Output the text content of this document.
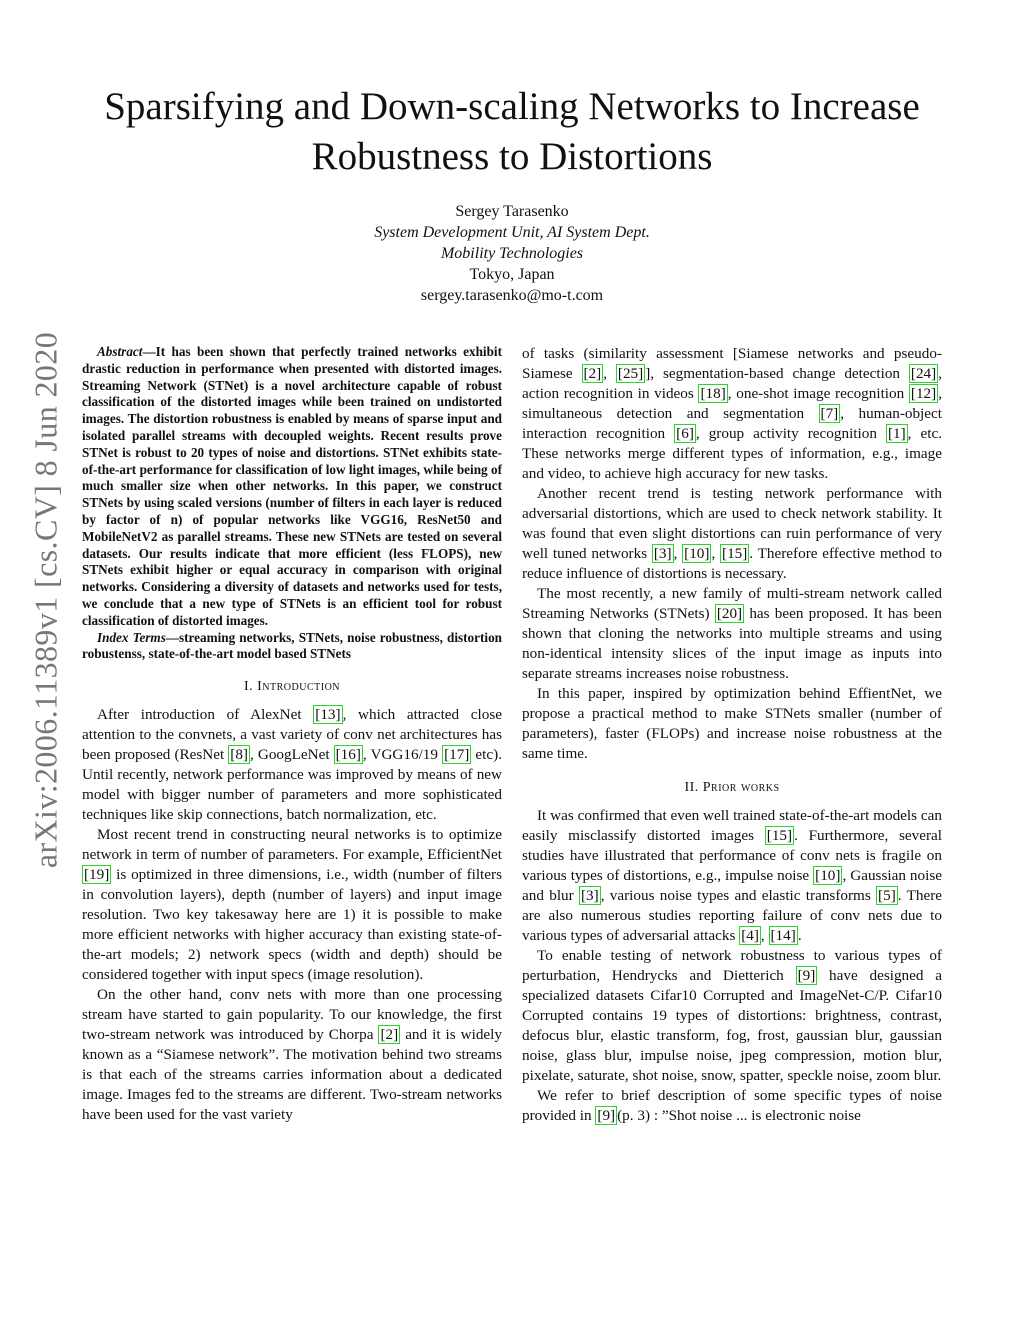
Sparsifying and Down-scaling Networks to Increase
Robustness to Distortions
Sergey Tarasenko
System Development Unit, AI System Dept.
Mobility Technologies
Tokyo, Japan
sergey.tarasenko@mo-t.com
arXiv:2006.11389v1 [cs.CV] 8 Jun 2020	Abstract—It has been shown that perfectly trained networks exhibit drastic reduction in performance when presented with distorted images. Streaming Network (STNet) is a novel architecture capable of robust classification of the distorted images while been trained on undistorted images. The distortion robustness is enabled by means of sparse input and isolated parallel streams with decoupled weights. Recent results prove STNet is robust to 20 types of noise and distortions. STNet exhibits state-of-the-art performance for classification of low light images, while being of much smaller size when other networks. In this paper, we construct STNets by using scaled versions (number of filters in each layer is reduced by factor of n) of popular networks like VGG16, ResNet50 and MobileNetV2 as parallel streams. These new STNets are tested on several datasets. Our results indicate that more efficient (less FLOPS), new STNets exhibit higher or equal accuracy in comparison with original networks. Considering a diversity of datasets and networks used for tests, we conclude that a new type of STNets is an efficient tool for robust classification of distorted images.

Index Terms—streaming networks, STNets, noise robustness, distortion robustenss, state-of-the-art model based STNets

I. Introduction

After introduction of AlexNet [13] , which attracted close attention to the convnets, a vast variety of conv net architectures has been proposed (ResNet [8] , GoogLeNet [16] , VGG16/19 [17] etc). Until recently, network performance was improved by means of new model with bigger number of parameters and more sophisticated techniques like skip connections, batch normalization, etc.

Most recent trend in constructing neural networks is to optimize network in term of number of parameters. For example, EfficientNet [19] is optimized in three dimensions, i.e., width (number of filters in convolution layers), depth (number of layers) and input image resolution. Two key takesaway here are 1) it is possible to make more efficient networks with higher accuracy than existing state-of-the-art models; 2) network specs (width and depth) should be considered together with input specs (image resolution).

On the other hand, conv nets with more than one processing stream have started to gain popularity. To our knowledge, the first two-stream network was introduced by Chorpa [2] and it is widely known as a “Siamese network”. The motivation behind two streams is that each of the streams carries information about a dedicated image. Images fed to the streams are different. Two-stream networks have been used for the vast variety

of tasks (similarity assessment [Siamese networks and pseudo-Siamese [2] , [25] ], segmentation-based change detection [24] , action recognition in videos [18] , one-shot image recognition [12] , simultaneous detection and segmentation [7] , human-object interaction recognition [6] , group activity recognition [1] , etc. These networks merge different types of information, e.g., image and video, to achieve high accuracy for new tasks.

Another recent trend is testing network performance with adversarial distortions, which are used to check network stability. It was found that even slight distortions can ruin performance of very well tuned networks [3] , [10] , [15] . Therefore effective method to reduce influence of distortions is necessary.

The most recently, a new family of multi-stream network called Streaming Networks (STNets) [20] has been proposed. It has been shown that cloning the networks into multiple streams and using non-identical intensity slices of the input image as inputs into separate streams increases noise robustness.

In this paper, inspired by optimization behind EffientNet, we propose a practical method to make STNets smaller (number of parameters), faster (FLOPs) and increase noise robustness at the same time.

II. Prior works

It was confirmed that even well trained state-of-the-art models can easily misclassify distorted images [15] . Furthermore, several studies have illustrated that performance of conv nets is fragile on various types of distortions, e.g., impulse noise [10] , Gaussian noise and blur [3] , various noise types and elastic transforms [5] . There are also numerous studies reporting failure of conv nets due to various types of adversarial attacks [4] , [14] .

To enable testing of network robustness to various types of perturbation, Hendrycks and Dietterich [9] have designed a specialized datasets Cifar10 Corrupted and ImageNet-C/P. Cifar10 Corrupted contains 19 types of distortions: brightness, contrast, defocus blur, elastic transform, fog, frost, gaussian blur, gaussian noise, glass blur, impulse noise, jpeg compression, motion blur, pixelate, saturate, shot noise, snow, spatter, speckle noise, zoom blur.

We refer to brief description of some specific types of noise provided in [9] (p. 3) : ”Shot noise ... is electronic noise
